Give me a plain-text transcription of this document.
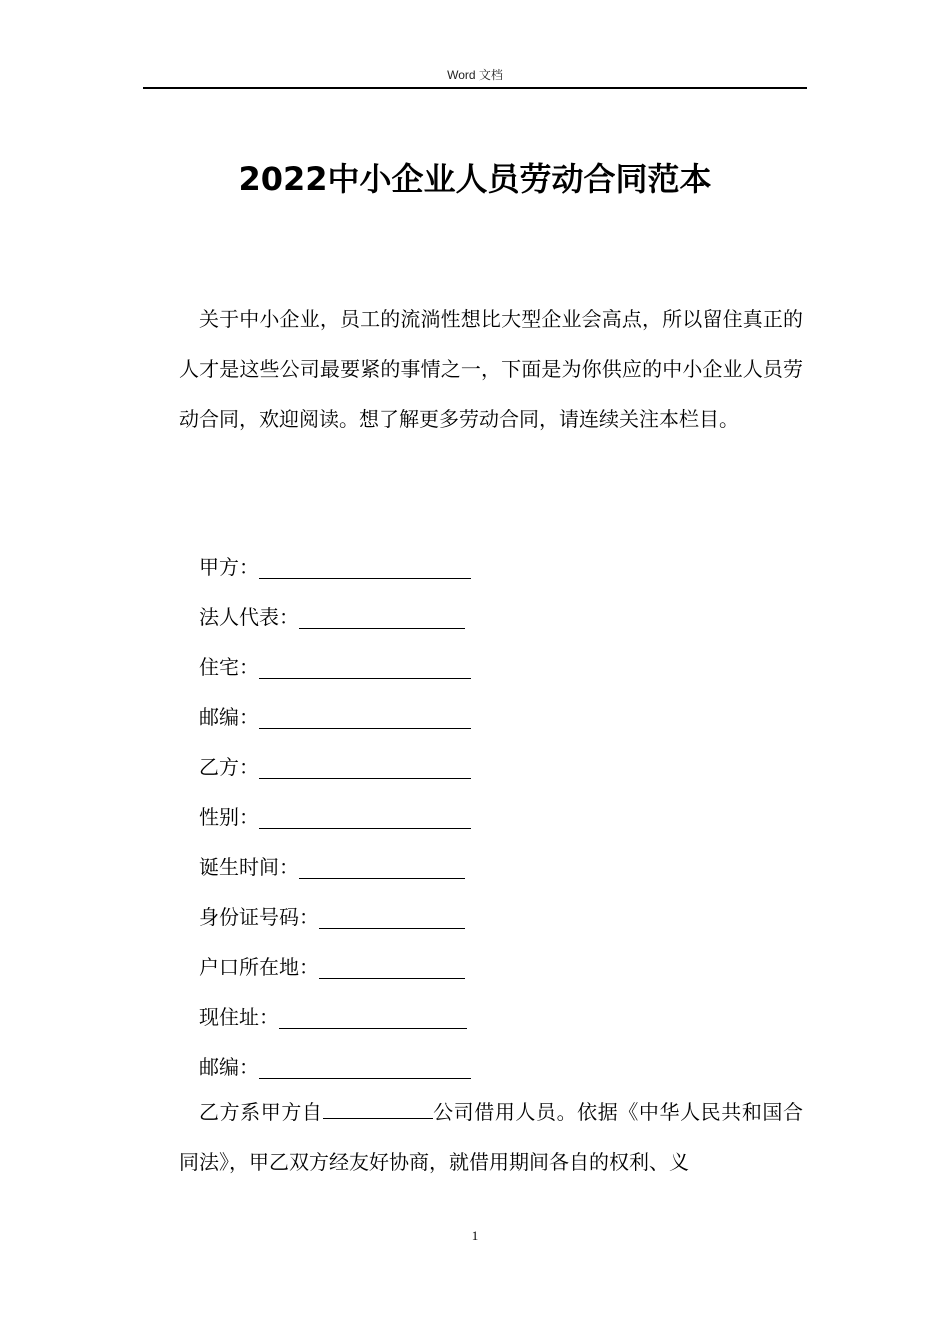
Word 文档
2022中小企业人员劳动合同范本

关于中小企业，员工的流淌性想比大型企业会高点，所以留住真正的人才是这些公司最要紧的事情之一，下面是为你供应的中小企业人员劳动合同，欢迎阅读。想了解更多劳动合同，请连续关注本栏目。

甲方：
法人代表：
住宅：
邮编：
乙方：
性别：
诞生时间：
身份证号码：
户口所在地：
现住址：
邮编：

乙方系甲方自	公司借用人员。依据《中华人民共和国合同法》，甲乙双方经友好协商，就借用期间各自的权利、义

1
